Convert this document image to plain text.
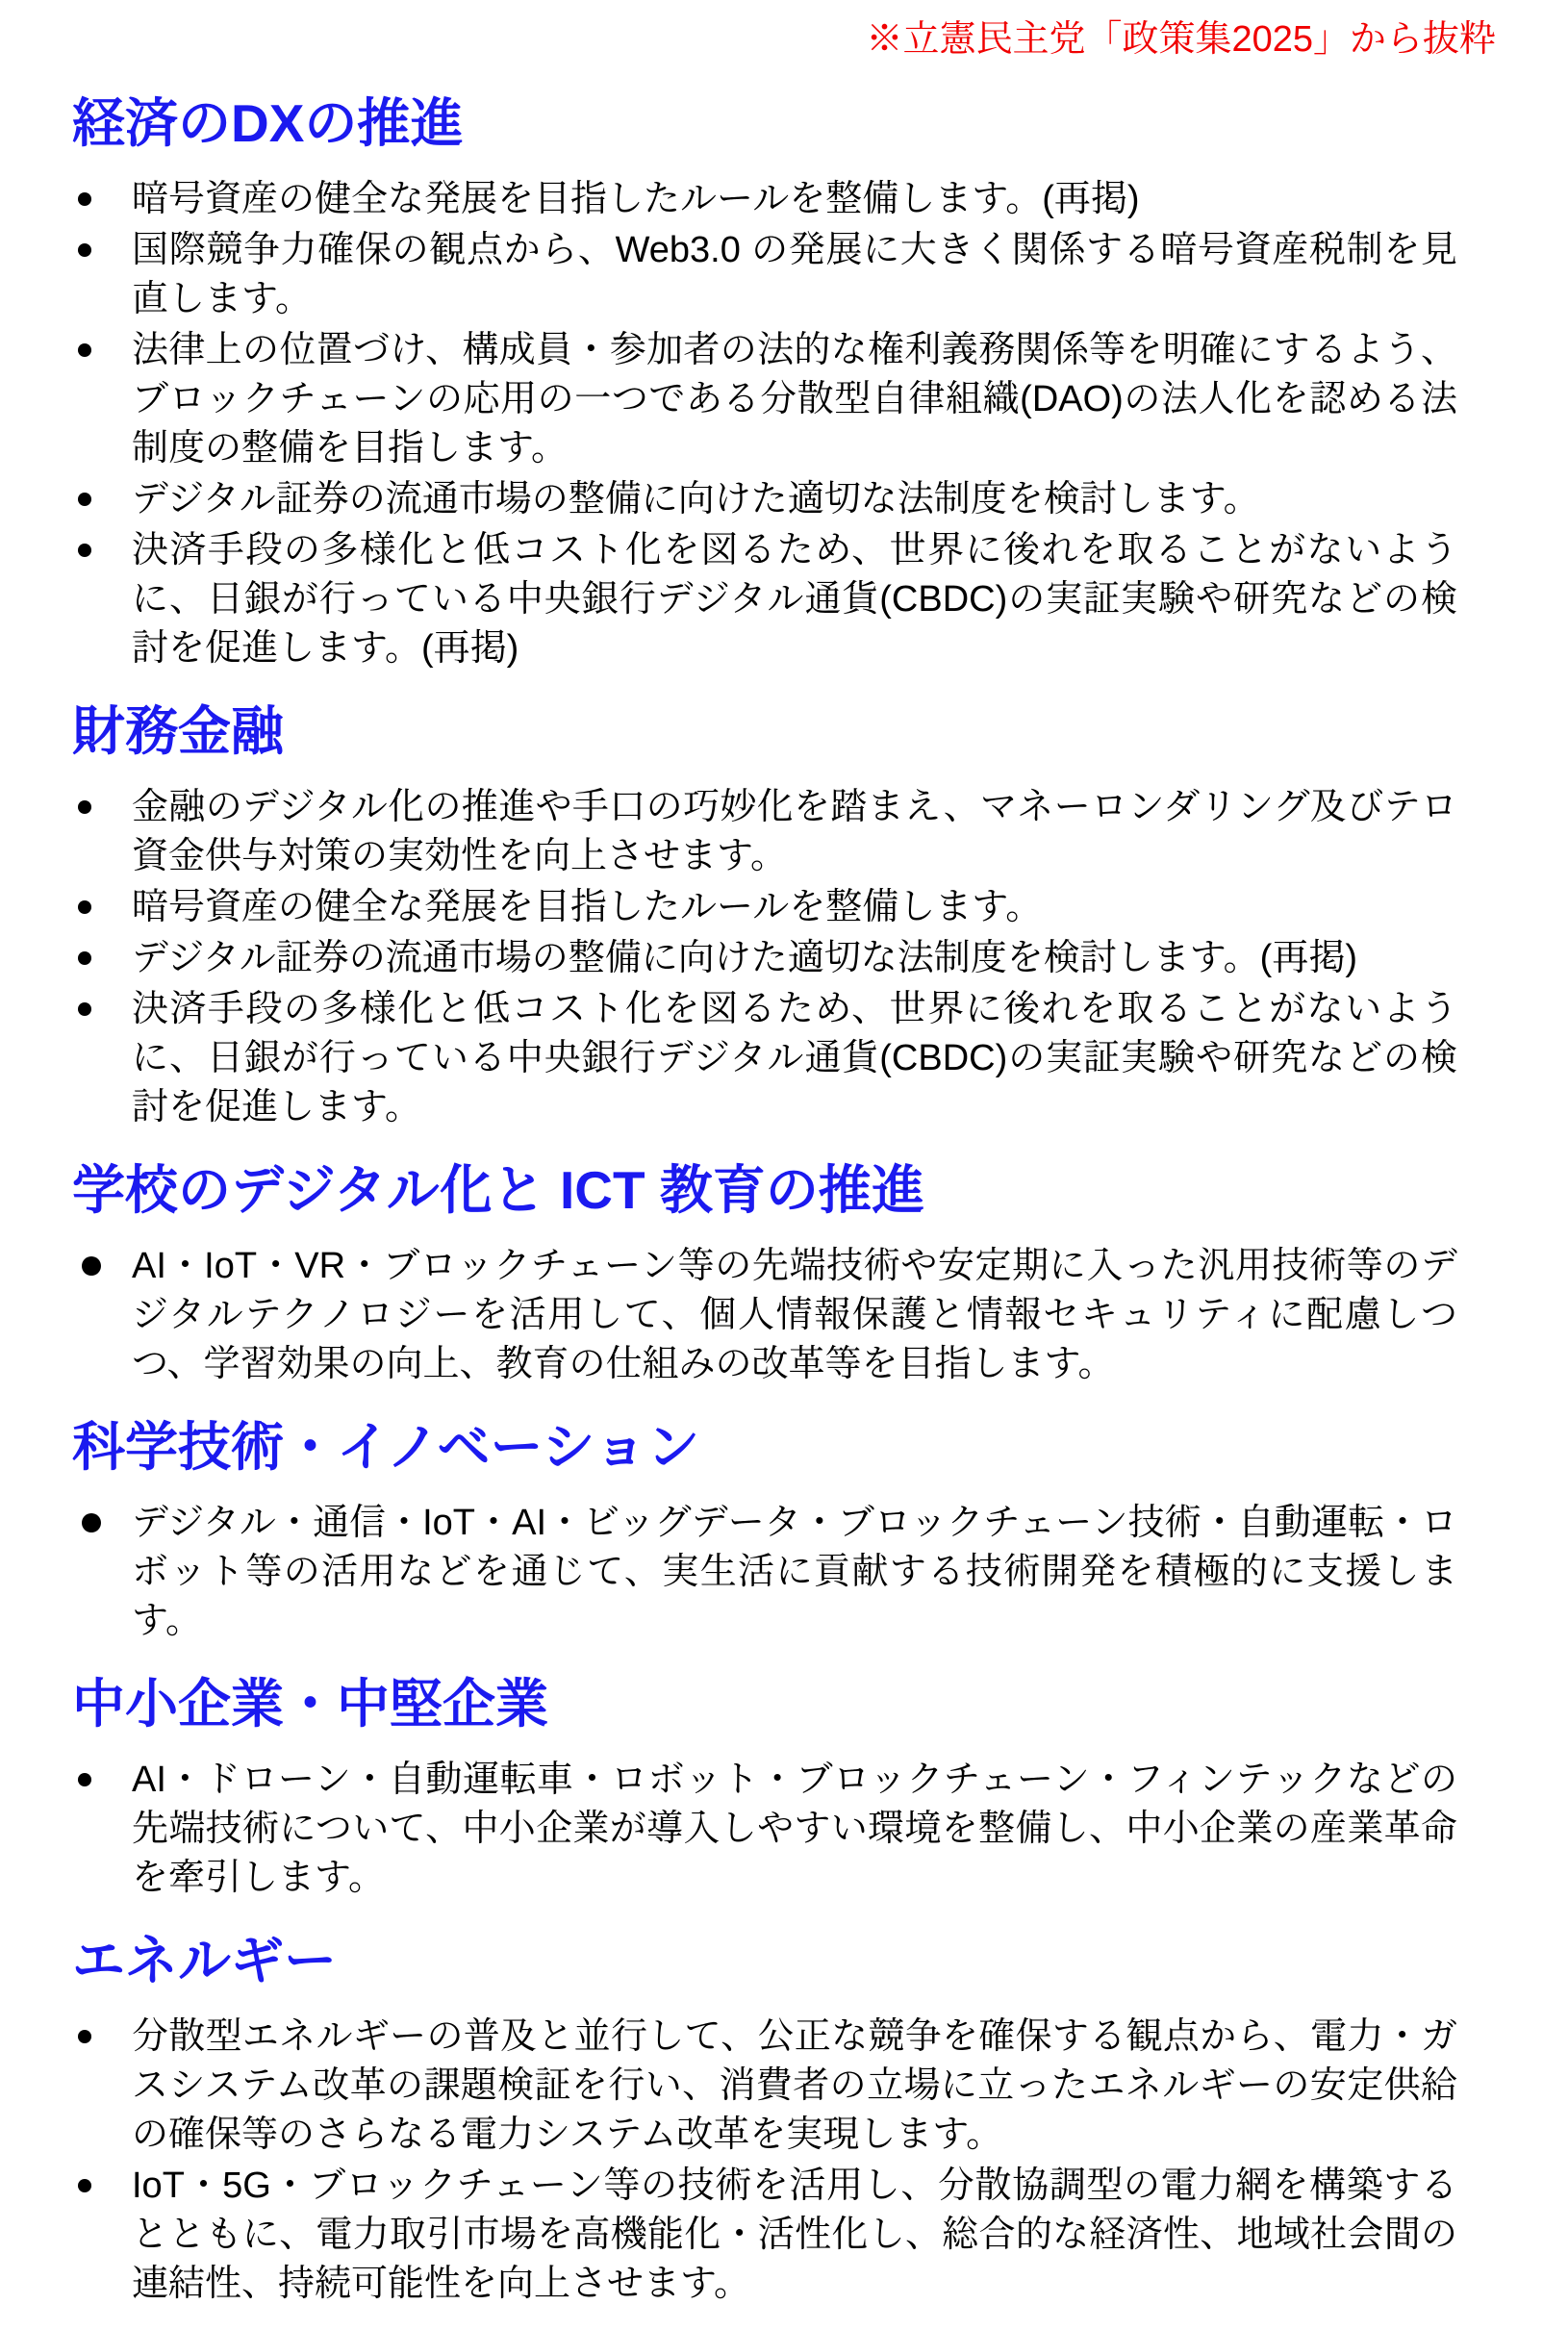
※立憲民主党「政策集2025」から抜粋
経済のDXの推進
暗号資産の健全な発展を目指したルールを整備します。(再掲)
国際競争力確保の観点から、Web3.0 の発展に大きく関係する暗号資産税制を見直します。
法律上の位置づけ、構成員・参加者の法的な権利義務関係等を明確にするよう、ブロックチェーンの応用の一つである分散型自律組織(DAO)の法人化を認める法制度の整備を目指します。
デジタル証券の流通市場の整備に向けた適切な法制度を検討します。
決済手段の多様化と低コスト化を図るため、世界に後れを取ることがないように、日銀が行っている中央銀行デジタル通貨(CBDC)の実証実験や研究などの検討を促進します。(再掲)
財務金融
金融のデジタル化の推進や手口の巧妙化を踏まえ、マネーロンダリング及びテロ資金供与対策の実効性を向上させます。
暗号資産の健全な発展を目指したルールを整備します。
デジタル証券の流通市場の整備に向けた適切な法制度を検討します。(再掲)
決済手段の多様化と低コスト化を図るため、世界に後れを取ることがないように、日銀が行っている中央銀行デジタル通貨(CBDC)の実証実験や研究などの検討を促進します。
学校のデジタル化と ICT 教育の推進
AI・IoT・VR・ブロックチェーン等の先端技術や安定期に入った汎用技術等のデジタルテクノロジーを活用して、個人情報保護と情報セキュリティに配慮しつつ、学習効果の向上、教育の仕組みの改革等を目指します。
科学技術・イノベーション
デジタル・通信・IoT・AI・ビッグデータ・ブロックチェーン技術・自動運転・ロボット等の活用などを通じて、実生活に貢献する技術開発を積極的に支援します。
中小企業・中堅企業
AI・ドローン・自動運転車・ロボット・ブロックチェーン・フィンテックなどの先端技術について、中小企業が導入しやすい環境を整備し、中小企業の産業革命を牽引します。
エネルギー
分散型エネルギーの普及と並行して、公正な競争を確保する観点から、電力・ガスシステム改革の課題検証を行い、消費者の立場に立ったエネルギーの安定供給の確保等のさらなる電力システム改革を実現します。
IoT・5G・ブロックチェーン等の技術を活用し、分散協調型の電力網を構築するとともに、電力取引市場を高機能化・活性化し、総合的な経済性、地域社会間の連結性、持続可能性を向上させます。
